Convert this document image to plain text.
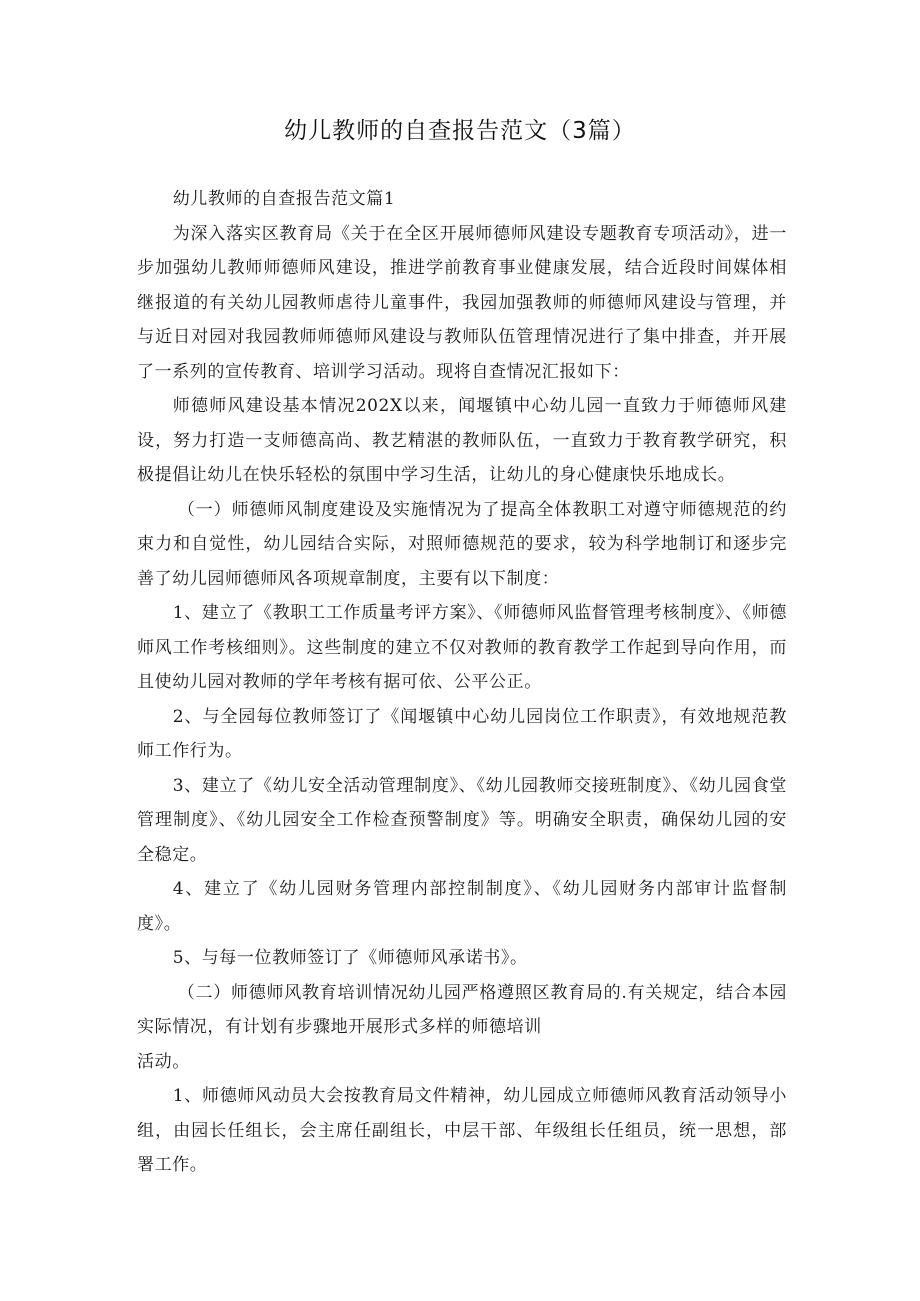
幼儿教师的自查报告范文（3篇）

幼儿教师的自查报告范文篇1

为深入落实区教育局《关于在全区开展师德师风建设专题教育专项活动》，进一步加强幼儿教师师德师风建设，推进学前教育事业健康发展，结合近段时间媒体相继报道的有关幼儿园教师虐待儿童事件，我园加强教师的师德师风建设与管理，并与近日对园对我园教师师德师风建设与教师队伍管理情况进行了集中排查，并开展了一系列的宣传教育、培训学习活动。现将自查情况汇报如下：

师德师风建设基本情况202X以来，闻堰镇中心幼儿园一直致力于师德师风建设，努力打造一支师德高尚、教艺精湛的教师队伍，一直致力于教育教学研究，积极提倡让幼儿在快乐轻松的氛围中学习生活，让幼儿的身心健康快乐地成长。

（一）师德师风制度建设及实施情况为了提高全体教职工对遵守师德规范的约束力和自觉性，幼儿园结合实际，对照师德规范的要求，较为科学地制订和逐步完善了幼儿园师德师风各项规章制度，主要有以下制度：

1、建立了《教职工工作质量考评方案》、《师德师风监督管理考核制度》、《师德师风工作考核细则》。这些制度的建立不仅对教师的教育教学工作起到导向作用，而且使幼儿园对教师的学年考核有据可依、公平公正。

2、与全园每位教师签订了《闻堰镇中心幼儿园岗位工作职责》，有效地规范教师工作行为。

3、建立了《幼儿安全活动管理制度》、《幼儿园教师交接班制度》、《幼儿园食堂管理制度》、《幼儿园安全工作检查预警制度》等。明确安全职责，确保幼儿园的安全稳定。

4、建立了《幼儿园财务管理内部控制制度》、《幼儿园财务内部审计监督制度》。

5、与每一位教师签订了《师德师风承诺书》。

（二）师德师风教育培训情况幼儿园严格遵照区教育局的.有关规定，结合本园实际情况，有计划有步骤地开展形式多样的师德培训

活动。

1、师德师风动员大会按教育局文件精神，幼儿园成立师德师风教育活动领导小组，由园长任组长，会主席任副组长，中层干部、年级组长任组员，统一思想，部署工作。
